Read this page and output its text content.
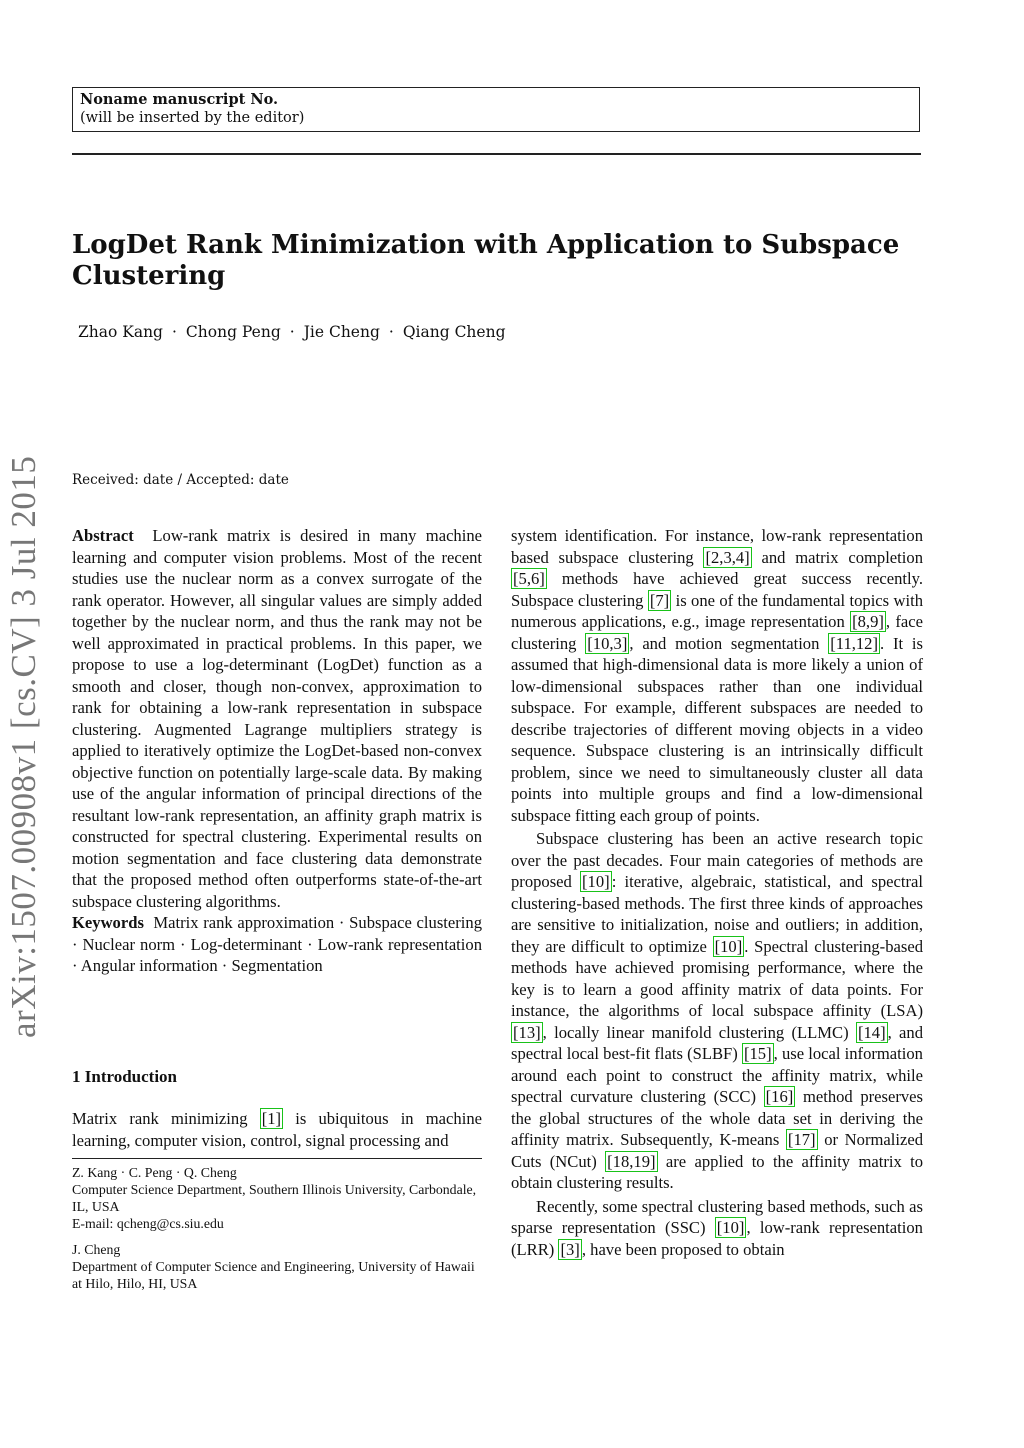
Noname manuscript No.
(will be inserted by the editor)
LogDet Rank Minimization with Application to Subspace Clustering
Zhao Kang · Chong Peng · Jie Cheng · Qiang Cheng
Received: date / Accepted: date
arXiv:1507.00908v1 [cs.CV] 3 Jul 2015 Abstract Low-rank matrix is desired in many machine learning and computer vision problems. Most of the recent studies use the nuclear norm as a convex surrogate of the rank operator. However, all singular values are simply added together by the nuclear norm, and thus the rank may not be well approximated in practical problems. In this paper, we propose to use a log-determinant (LogDet) function as a smooth and closer, though non-convex, approximation to rank for obtaining a low-rank representation in subspace clustering. Augmented Lagrange multipliers strategy is applied to iteratively optimize the LogDet-based non-convex objective function on potentially large-scale data. By making use of the angular information of principal directions of the resultant low-rank representation, an affinity graph matrix is constructed for spectral clustering. Experimental results on motion segmentation and face clustering data demonstrate that the proposed method often outperforms state-of-the-art subspace clustering algorithms.

Keywords Matrix rank approximation · Subspace clustering · Nuclear norm · Log-determinant · Low-rank representation · Angular information · Segmentation

1 Introduction
Matrix rank minimizing [1] is ubiquitous in machine learning, computer vision, control, signal processing and

Z. Kang · C. Peng · Q. Cheng

Computer Science Department, Southern Illinois University, Carbondale, IL, USA

E-mail: qcheng@cs.siu.edu

J. Cheng

Department of Computer Science and Engineering, University of Hawaii at Hilo, Hilo, HI, USA

system identification. For instance, low-rank representation based subspace clustering [2,3,4] and matrix completion [5,6] methods have achieved great success recently. Subspace clustering [7] is one of the fundamental topics with numerous applications, e.g., image representation [8,9] , face clustering [10,3] , and motion segmentation [11,12] . It is assumed that high-dimensional data is more likely a union of low-dimensional subspaces rather than one individual subspace. For example, different subspaces are needed to describe trajectories of different moving objects in a video sequence. Subspace clustering is an intrinsically difficult problem, since we need to simultaneously cluster all data points into multiple groups and find a low-dimensional subspace fitting each group of points.

Subspace clustering has been an active research topic over the past decades. Four main categories of methods are proposed [10] : iterative, algebraic, statistical, and spectral clustering-based methods. The first three kinds of approaches are sensitive to initialization, noise and outliers; in addition, they are difficult to optimize [10] . Spectral clustering-based methods have achieved promising performance, where the key is to learn a good affinity matrix of data points. For instance, the algorithms of local subspace affinity (LSA) [13] , locally linear manifold clustering (LLMC) [14] , and spectral local best-fit flats (SLBF) [15] , use local information around each point to construct the affinity matrix, while spectral curvature clustering (SCC) [16] method preserves the global structures of the whole data set in deriving the affinity matrix. Subsequently, K-means [17] or Normalized Cuts (NCut) [18,19] are applied to the affinity matrix to obtain clustering results.

Recently, some spectral clustering based methods, such as sparse representation (SSC) [10] , low-rank representation (LRR) [3] , have been proposed to obtain
